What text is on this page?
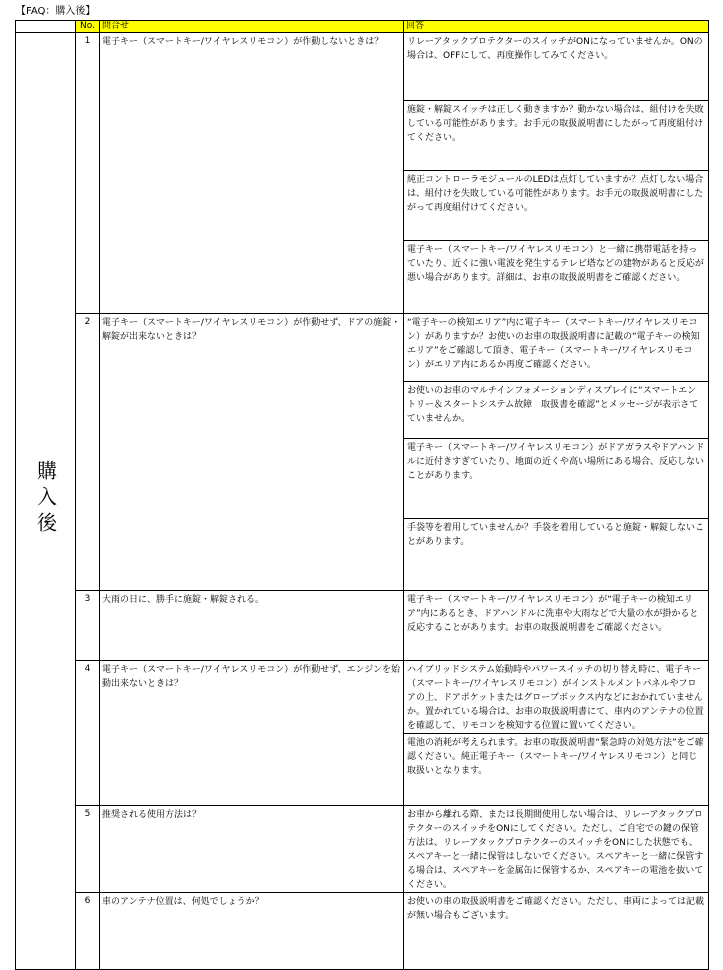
【FAQ：購入後】
	No.	問合せ	回答
購入後	1	電子キー（スマートキー/ワイヤレスリモコン）が作動しないときは？	リレーアタックプロテクターのスイッチがONになっていませんか。ONの場合は、OFFにして、再度操作してみてください。
			施錠・解錠スイッチは正しく動きますか？動かない場合は、組付けを失敗している可能性があります。お手元の取扱説明書にしたがって再度組付けてください。
			純正コントローラモジュールのLEDは点灯していますか？点灯しない場合は、組付けを失敗している可能性があります。お手元の取扱説明書にしたがって再度組付けてください。
			電子キー（スマートキー/ワイヤレスリモコン）と一緒に携帯電話を持っていたり、近くに強い電波を発生するテレビ塔などの建物があると反応が悪い場合があります。詳細は、お車の取扱説明書をご確認ください。
	2	電子キー（スマートキー/ワイヤレスリモコン）が作動せず、ドアの施錠・解錠が出来ないときは？	“電子キーの検知エリア”内に電子キー（スマートキー/ワイヤレスリモコン）がありますか？お使いのお車の取扱説明書に記載の“電子キーの検知エリア”をご確認して頂き、電子キー（スマートキー/ワイヤレスリモコン）がエリア内にあるか再度ご確認ください。
			お使いのお車のマルチインフォメーションディスプレイに“スマートエントリー＆スタートシステム故障　取扱書を確認”とメッセージが表示さてていませんか。
			電子キー（スマートキー/ワイヤレスリモコン）がドアガラスやドアハンドルに近付きすぎていたり、地面の近くや高い場所にある場合、反応しないことがあります。
			手袋等を着用していませんか？手袋を着用していると施錠・解錠しないことがあります。
	3	大雨の日に、勝手に施錠・解錠される。	電子キー（スマートキー/ワイヤレスリモコン）が“電子キーの検知エリア”内にあるとき、ドアハンドルに洗車や大雨などで大量の水が掛かると反応することがあります。お車の取扱説明書をご確認ください。
	4	電子キー（スマートキー/ワイヤレスリモコン）が作動せず、エンジンを始動出来ないときは？	ハイブリッドシステム始動時やパワースイッチの切り替え時に、電子キー（スマートキー/ワイヤレスリモコン）がインストルメントパネルやフロアの上、ドアポケットまたはグローブボックス内などにおかれていませんか。置かれている場合は、お車の取扱説明書にて、車内のアンテナの位置を確認して、リモコンを検知する位置に置いてください。
			電池の消耗が考えられます。お車の取扱説明書“緊急時の対処方法”をご確認ください。純正電子キー（スマートキー/ワイヤレスリモコン）と同じ取扱いとなります。
	5	推奨される使用方法は？	お車から離れる際、または長期間使用しない場合は、リレーアタックプロテクターのスイッチをONにしてください。ただし、ご自宅での鍵の保管方法は、リレーアタックプロテクターのスイッチをONにした状態でも、スペアキーと一緒に保管はしないでください。スペアキーと一緒に保管する場合は、スペアキーを金属缶に保管するか、スペアキーの電池を抜いてください。
	6	車のアンテナ位置は、何処でしょうか？	お使いの車の取扱説明書をご確認ください。ただし、車両によっては記載が無い場合もございます。
